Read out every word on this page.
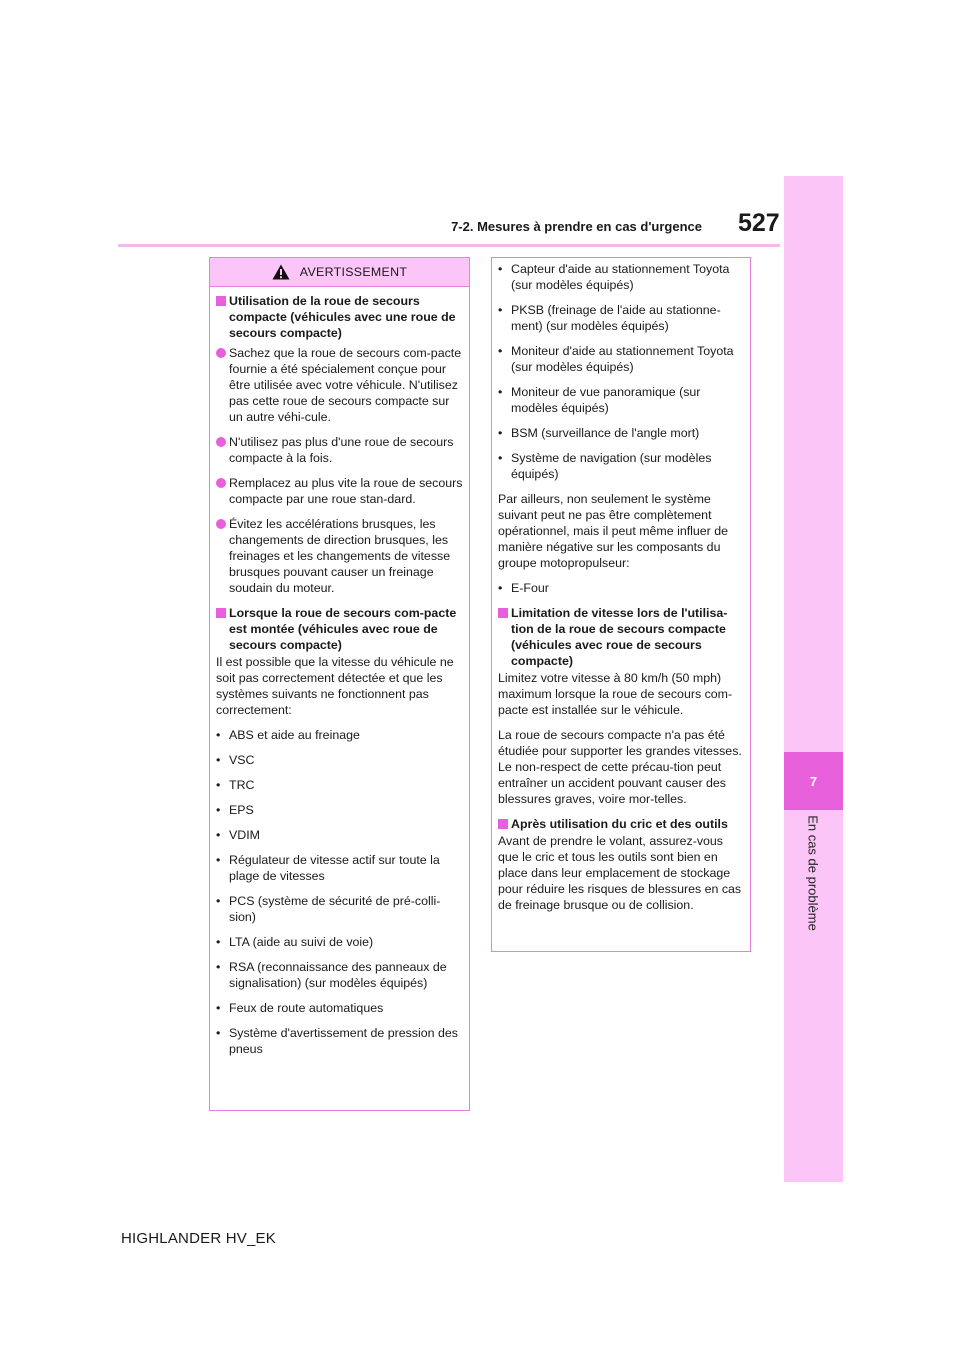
7
En cas de problème
7-2. Mesures à prendre en cas d'urgence 527
AVERTISSEMENT
Utilisation de la roue de secours compacte (véhicules avec une roue de secours compacte)
Sachez que la roue de secours com-pacte fournie a été spécialement conçue pour être utilisée avec votre véhicule. N'utilisez pas cette roue de secours compacte sur un autre véhi-cule.
N'utilisez pas plus d'une roue de secours compacte à la fois.
Remplacez au plus vite la roue de secours compacte par une roue stan-dard.
Évitez les accélérations brusques, les changements de direction brusques, les freinages et les changements de vitesse brusques pouvant causer un freinage soudain du moteur.
Lorsque la roue de secours com-pacte est montée (véhicules avec roue de secours compacte)
Il est possible que la vitesse du véhicule ne soit pas correctement détectée et que les systèmes suivants ne fonctionnent pas correctement:
• ABS et aide au freinage
• VSC
• TRC
• EPS
• VDIM
• Régulateur de vitesse actif sur toute la plage de vitesses
• PCS (système de sécurité de pré-colli-sion)
• LTA (aide au suivi de voie)
• RSA (reconnaissance des panneaux de signalisation) (sur modèles équipés)
• Feux de route automatiques
• Système d'avertissement de pression des pneus
• Capteur d'aide au stationnement Toyota (sur modèles équipés)
• PKSB (freinage de l'aide au stationne-ment) (sur modèles équipés)
• Moniteur d'aide au stationnement Toyota (sur modèles équipés)
• Moniteur de vue panoramique (sur modèles équipés)
• BSM (surveillance de l'angle mort)
• Système de navigation (sur modèles équipés)
Par ailleurs, non seulement le système suivant peut ne pas être complètement opérationnel, mais il peut même influer de manière négative sur les composants du groupe motopropulseur:
• E-Four
Limitation de vitesse lors de l'utilisa-tion de la roue de secours compacte (véhicules avec roue de secours compacte)
Limitez votre vitesse à 80 km/h (50 mph) maximum lorsque la roue de secours com-pacte est installée sur le véhicule.
La roue de secours compacte n'a pas été étudiée pour supporter les grandes vitesses. Le non-respect de cette précau-tion peut entraîner un accident pouvant causer des blessures graves, voire mor-telles.
Après utilisation du cric et des outils
Avant de prendre le volant, assurez-vous que le cric et tous les outils sont bien en place dans leur emplacement de stockage pour réduire les risques de blessures en cas de freinage brusque ou de collision.
HIGHLANDER HV_EK
